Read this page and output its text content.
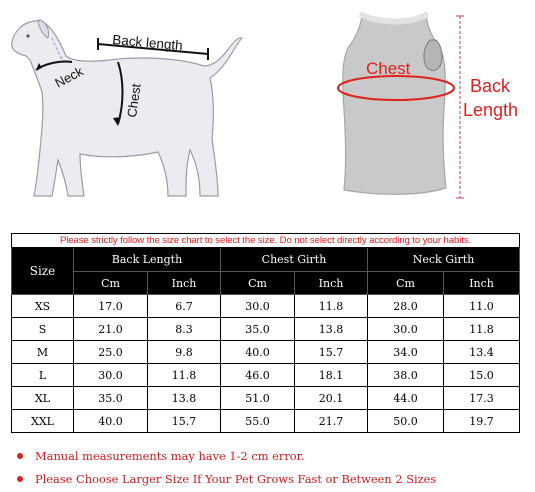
Back length
Neck
Chest
Chest
Back
Length
Please strictly follow the size chart to select the size. Do not select directly according to your habits.						
Size	Back Length		Chest Girth		Neck Girth	
	Cm	Inch	Cm	Inch	Cm	Inch
XS	17.0	6.7	30.0	11.8	28.0	11.0
S	21.0	8.3	35.0	13.8	30.0	11.8
M	25.0	9.8	40.0	15.7	34.0	13.4
L	30.0	11.8	46.0	18.1	38.0	15.0
XL	35.0	13.8	51.0	20.1	44.0	17.3
XXL	40.0	15.7	55.0	21.7	50.0	19.7
Manual measurements may have 1-2 cm error.
Please Choose Larger Size If Your Pet Grows Fast or Between 2 Sizes
